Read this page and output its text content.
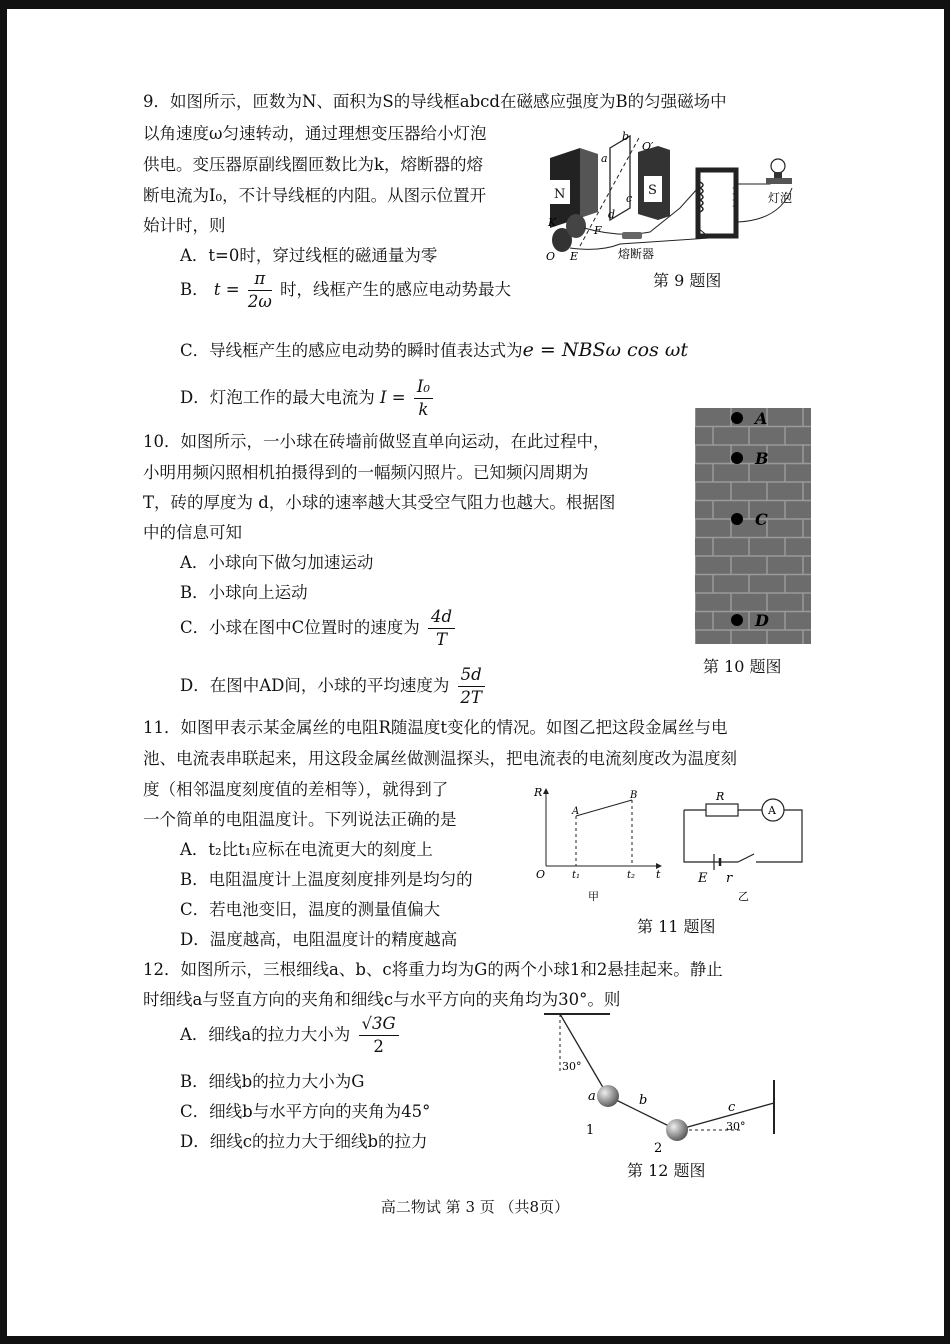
9．如图所示，匝数为N、面积为S的导线框abcd在磁感应强度为B的匀强磁场中
以角速度ω匀速转动，通过理想变压器给小灯泡
供电。变压器原副线圈匝数比为k，熔断器的熔
断电流为I₀，不计导线框的内阻。从图示位置开
始计时，则
A．t=0时，穿过线框的磁通量为零
B． $t = \frac{\pi}{2\omega}$ 时，线框产生的感应电动势最大
C．导线框产生的感应电动势的瞬时值表达式为e = NBSω cos ωt
D．灯泡工作的最大电流为 $I = \frac{\text{I₀}}{k}$
N	S
a
b
c
d
O′
K
O E
F
熔断器
灯泡
第 9 题图
10．如图所示，一小球在砖墙前做竖直单向运动，在此过程中，
小明用频闪照相机拍摄得到的一幅频闪照片。已知频闪周期为
T，砖的厚度为 d，小球的速率越大其受空气阻力也越大。根据图
中的信息可知
A．小球向下做匀加速运动
B．小球向上运动
C．小球在图中C位置时的速度为 $\frac{4d}{T}$
D．在图中AD间，小球的平均速度为 $\frac{5d}{2T}$
A
B
C
D
第 10 题图
11．如图甲表示某金属丝的电阻R随温度t变化的情况。如图乙把这段金属丝与电
池、电流表串联起来，用这段金属丝做测温探头，把电流表的电流刻度改为温度刻
度（相邻温度刻度值的差相等），就得到了
一个简单的电阻温度计。下列说法正确的是
A．t₂比t₁应标在电流更大的刻度上
B．电阻温度计上温度刻度排列是均匀的
C．若电池变旧，温度的测量值偏大
D．温度越高，电阻温度计的精度越高
R
t
O
A
B
t₁	t₂
甲
R
A
E r
乙
第 11 题图
12．如图所示，三根细线a、b、c将重力均为G的两个小球1和2悬挂起来。静止
时细线a与竖直方向的夹角和细线c与水平方向的夹角均为30°。则
A．细线a的拉力大小为 $\frac{√3G}{2}$
B．细线b的拉力大小为G
C．细线b与水平方向的夹角为45°
D．细线c的拉力大于细线b的拉力
a	b	c
1
2
30°
30°
第 12 题图
高二物试 第 3 页 （共8页）
